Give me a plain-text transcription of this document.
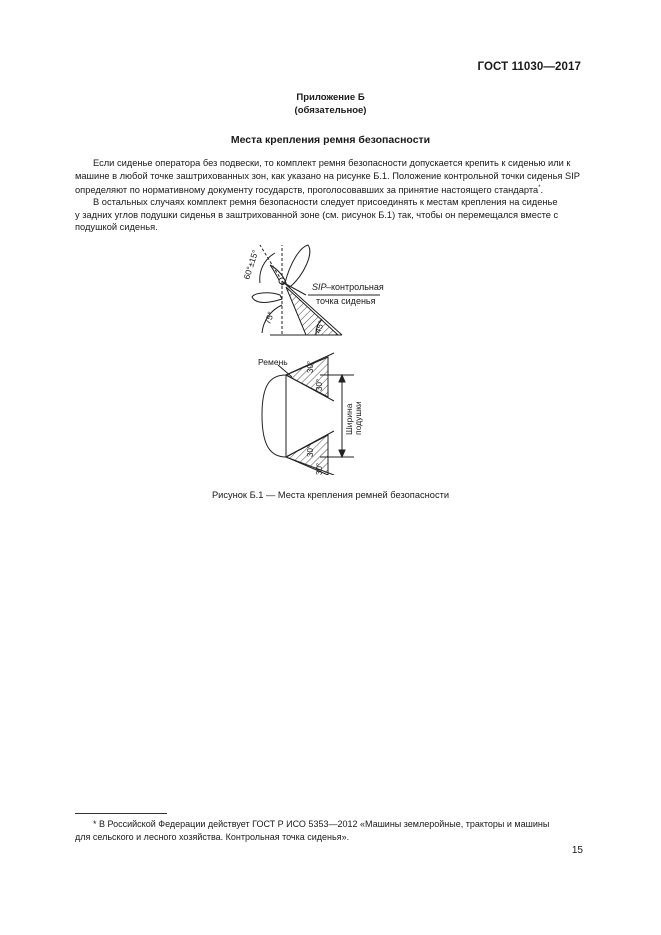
ГОСТ 11030—2017
Приложение Б
(обязательное)
Места крепления ремня безопасности
Если сиденье оператора без подвески, то комплект ремня безопасности допускается крепить к сиденью или к
машине в любой точке заштрихованных зон, как указано на рисунке Б.1. Положение контрольной точки сиденья SIP
определяют по нормативному документу государств, проголосовавших за принятие настоящего стандарта*.
В остальных случаях комплект ремня безопасности следует присоединять к местам крепления на сиденье
у задних углов подушки сиденья в заштрихованной зоне (см. рисунок Б.1) так, чтобы он перемещался вместе с
подушкой сиденья.
60°±15°
SIP –контрольная
точка сиденья
75°
45°
Ремень 30°
30°
30°
30°
Ширина подушки
Рисунок Б.1 — Места крепления ремней безопасности
* В Российской Федерации действует ГОСТ Р ИСО 5353—2012 «Машины землеройные, тракторы и машины
для сельского и лесного хозяйства. Контрольная точка сиденья».
15
